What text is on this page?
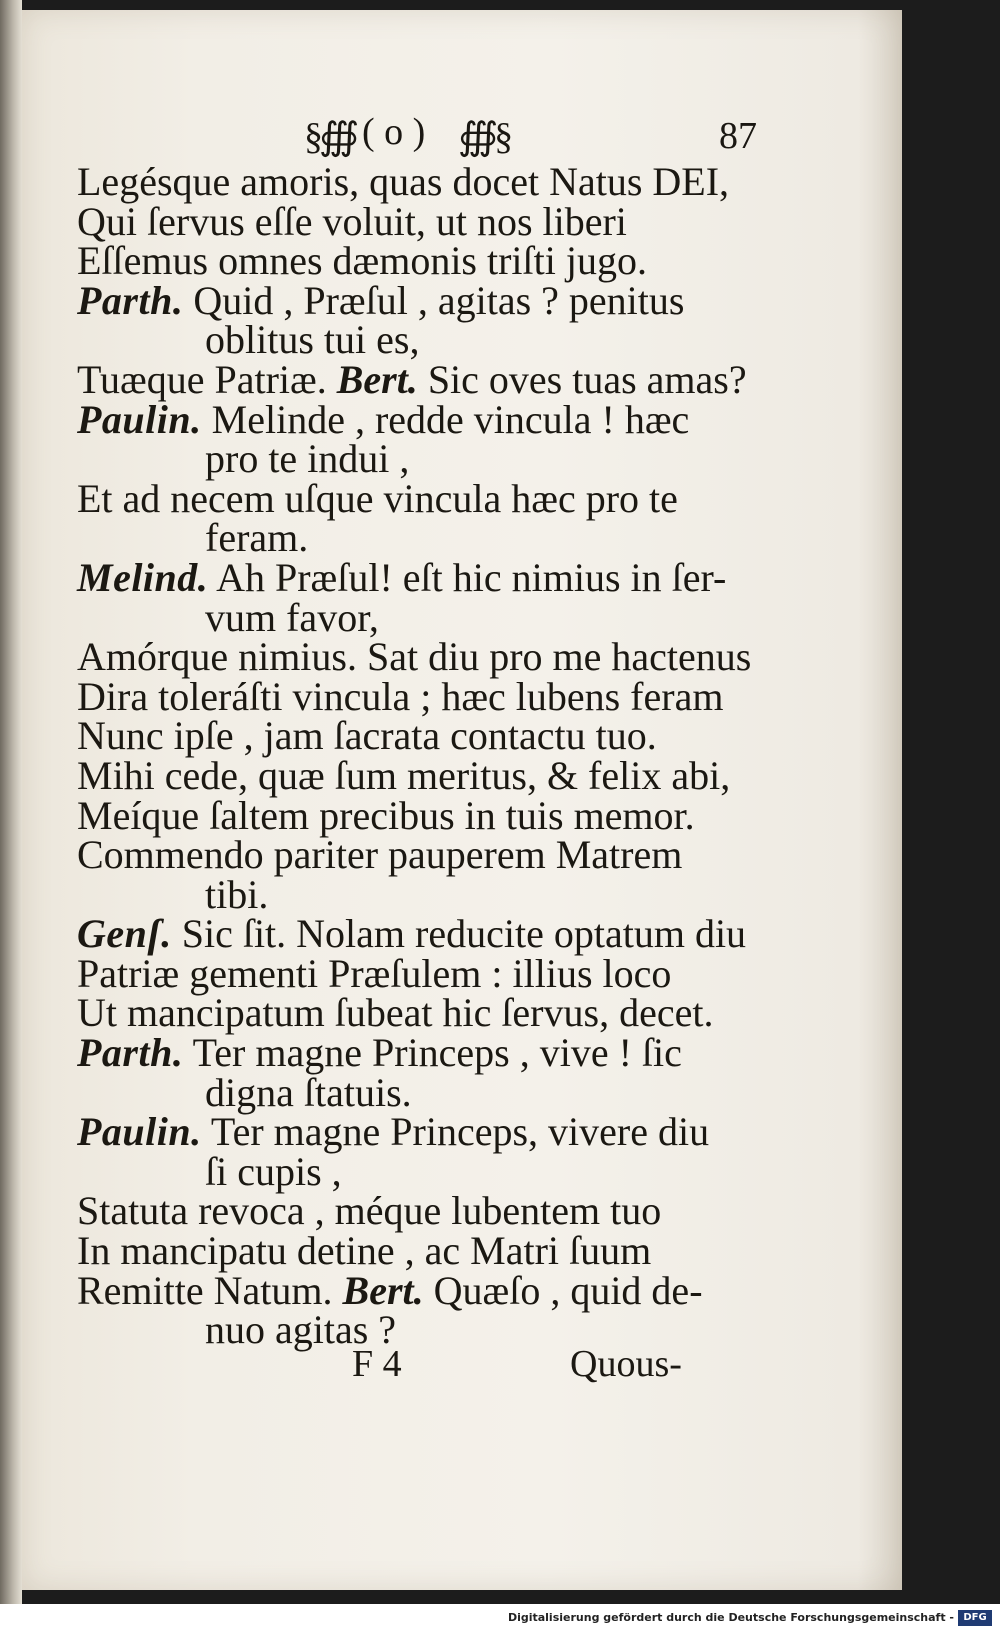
§∰ ( o ) ∰§	87
Legésque amoris, quas docet Natus DEI,
Qui ſervus eſſe voluit, ut nos liberi
Eſſemus omnes dæmonis triſti jugo.
Parth. Quid , Præſul , agitas ? penitus
oblitus tui es,
Tuæque Patriæ. Bert. Sic oves tuas amas?
Paulin. Melinde , redde vincula ! hæc
pro te indui ,
Et ad necem uſque vincula hæc pro te
feram.
Melind. Ah Præſul! eſt hic nimius in ſer-
vum favor,
Amórque nimius. Sat diu pro me hactenus
Dira toleráſti vincula ; hæc lubens feram
Nunc ipſe , jam ſacrata contactu tuo.
Mihi cede, quæ ſum meritus, & felix abi,
Meíque ſaltem precibus in tuis memor.
Commendo pariter pauperem Matrem
tibi.
Genſ. Sic ſit. Nolam reducite optatum diu
Patriæ gementi Præſulem : illius loco
Ut mancipatum ſubeat hic ſervus, decet.
Parth. Ter magne Princeps , vive ! ſic
digna ſtatuis.
Paulin. Ter magne Princeps, vivere diu
ſi cupis ,
Statuta revoca , méque lubentem tuo
In mancipatu detine , ac Matri ſuum
Remitte Natum. Bert. Quæſo , quid de-
nuo agitas ?
F 4	Quous-
Digitalisierung gefördert durch die Deutsche Forschungsgemeinschaft - DFG
